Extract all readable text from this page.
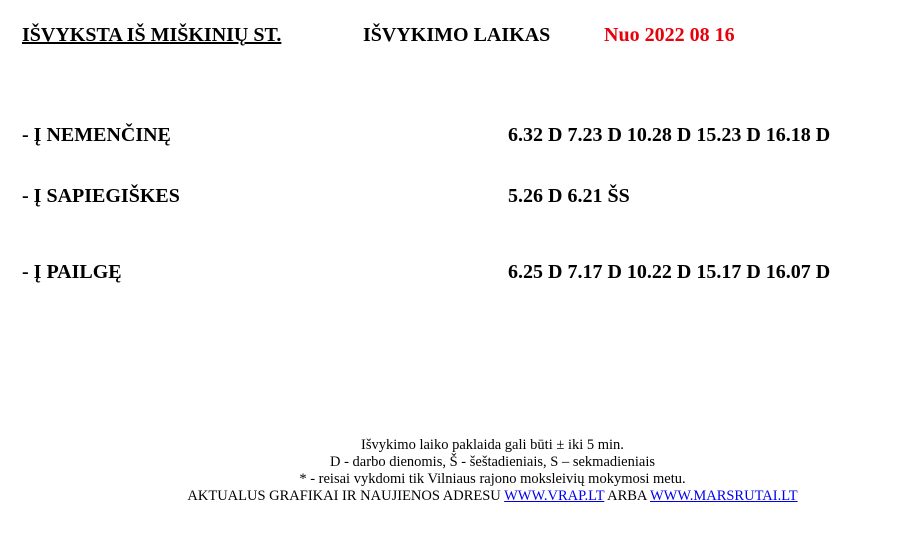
IŠVYKSTA IŠ MIŠKINIŲ ST.	IŠVYKIMO LAIKAS	Nuo 2022 08 16
- Į NEMENČINĘ	6.32 D 7.23 D 10.28 D 15.23 D 16.18 D
- Į SAPIEGIŠKES	5.26 D 6.21 ŠS
- Į PAILGĘ	6.25 D 7.17 D 10.22 D 15.17 D 16.07 D
Išvykimo laiko paklaida gali būti ± iki 5 min.
D - darbo dienomis, Š - šeštadieniais, S – sekmadieniais
* - reisai vykdomi tik Vilniaus rajono moksleivių mokymosi metu.
AKTUALUS GRAFIKAI IR NAUJIENOS ADRESU WWW.VRAP.LT ARBA WWW.MARSRUTAI.LT
